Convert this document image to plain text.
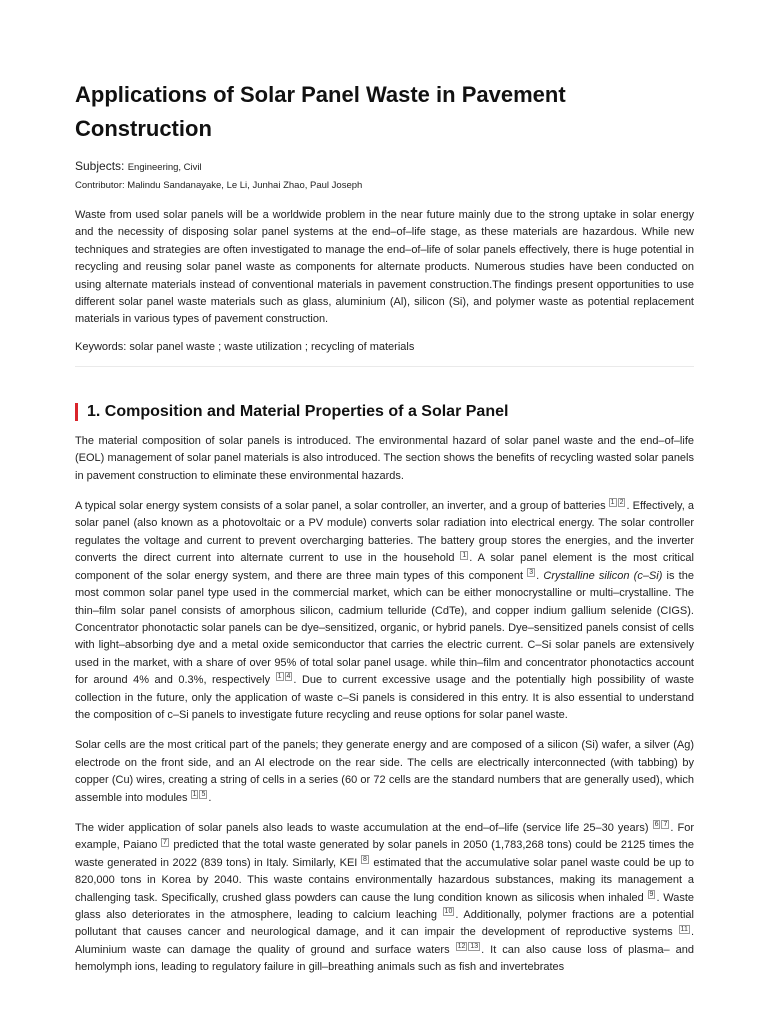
Applications of Solar Panel Waste in Pavement Construction
Subjects: Engineering, Civil
Contributor: Malindu Sandanayake, Le Li, Junhai Zhao, Paul Joseph

Waste from used solar panels will be a worldwide problem in the near future mainly due to the strong uptake in solar energy and the necessity of disposing solar panel systems at the end–of–life stage, as these materials are hazardous. While new techniques and strategies are often investigated to manage the end–of–life of solar panels effectively, there is huge potential in recycling and reusing solar panel waste as components for alternate products. Numerous studies have been conducted on using alternate materials instead of conventional materials in pavement construction.The findings present opportunities to use different solar panel waste materials such as glass, aluminium (Al), silicon (Si), and polymer waste as potential replacement materials in various types of pavement construction.

Keywords: solar panel waste ; waste utilization ; recycling of materials
1. Composition and Material Properties of a Solar Panel

The material composition of solar panels is introduced. The environmental hazard of solar panel waste and the end–of–life (EOL) management of solar panel materials is also introduced. The section shows the benefits of recycling wasted solar panels in pavement construction to eliminate these environmental hazards.

A typical solar energy system consists of a solar panel, a solar controller, an inverter, and a group of batteries $^{1 2}$ . Effectively, a solar panel (also known as a photovoltaic or a PV module) converts solar radiation into electrical energy. The solar controller regulates the voltage and current to prevent overcharging batteries. The battery group stores the energies, and the inverter converts the direct current into alternate current to use in the household $^1$ . A solar panel element is the most critical component of the solar energy system, and there are three main types of this component $^3$ . Crystalline silicon (c–Si) is the most common solar panel type used in the commercial market, which can be either monocrystalline or multi–crystalline. The thin–film solar panel consists of amorphous silicon, cadmium telluride (CdTe), and copper indium gallium selenide (CIGS). Concentrator phonotactic solar panels can be dye–sensitized, organic, or hybrid panels. Dye–sensitized panels consist of cells with light–absorbing dye and a metal oxide semiconductor that carries the electric current. C–Si solar panels are extensively used in the market, with a share of over 95% of total solar panel usage. while thin–film and concentrator phonotactics account for around 4% and 0.3%, respectively $^{1 4}$ . Due to current excessive usage and the potentially high possibility of waste collection in the future, only the application of waste c–Si panels is considered in this entry. It is also essential to understand the composition of c–Si panels to investigate future recycling and reuse options for solar panel waste.

Solar cells are the most critical part of the panels; they generate energy and are composed of a silicon (Si) wafer, a silver (Ag) electrode on the front side, and an Al electrode on the rear side. The cells are electrically interconnected (with tabbing) by copper (Cu) wires, creating a string of cells in a series (60 or 72 cells are the standard numbers that are generally used), which assemble into modules $^{1 5}$ .

The wider application of solar panels also leads to waste accumulation at the end–of–life (service life 25–30 years) $^{6 7}$ . For example, Paiano $^7$ predicted that the total waste generated by solar panels in 2050 (1,783,268 tons) could be 2125 times the waste generated in 2022 (839 tons) in Italy. Similarly, KEI $^8$ estimated that the accumulative solar panel waste could be up to 820,000 tons in Korea by 2040. This waste contains environmentally hazardous substances, making its management a challenging task. Specifically, crushed glass powders can cause the lung condition known as silicosis when inhaled $^9$ . Waste glass also deteriorates in the atmosphere, leading to calcium leaching $^{10}$ . Additionally, polymer fractions are a potential pollutant that causes cancer and neurological damage, and it can impair the development of reproductive systems $^{11}$ . Aluminium waste can damage the quality of ground and surface waters $^{12 13}$ . It can also cause loss of plasma– and hemolymph ions, leading to regulatory failure in gill–breathing animals such as fish and invertebrates
